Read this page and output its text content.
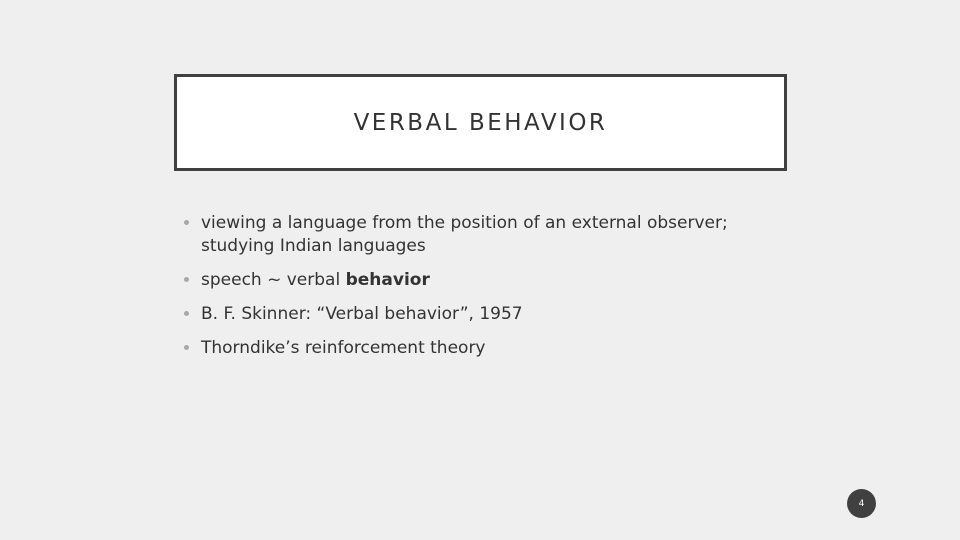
VERBAL BEHAVIOR
viewing a language from the position of an external observer; studying Indian languages
speech ~ verbal behavior
B. F. Skinner: “Verbal behavior”, 1957
Thorndike’s reinforcement theory
4
